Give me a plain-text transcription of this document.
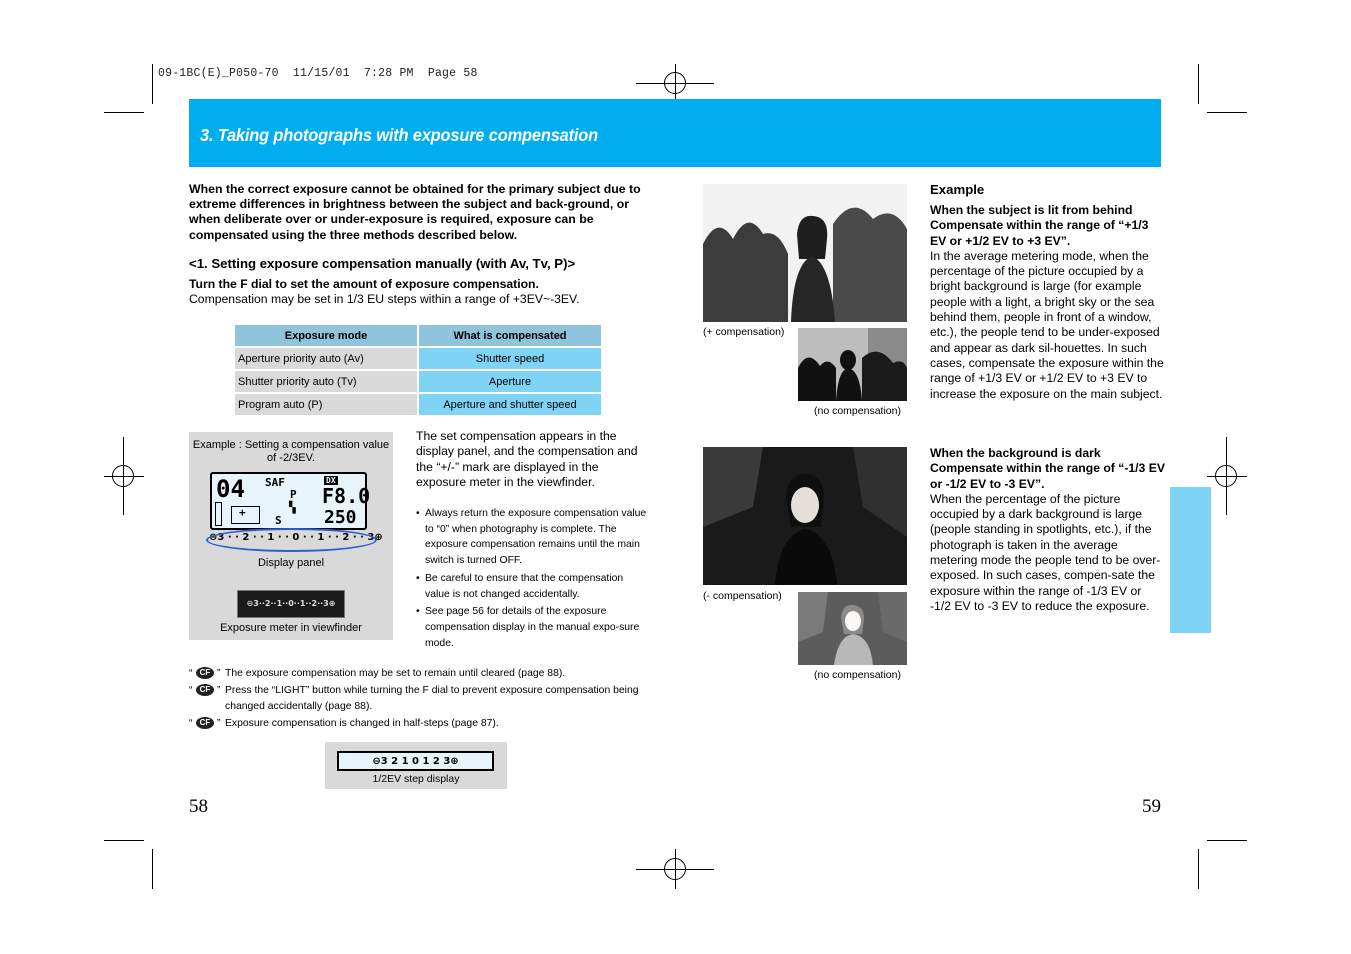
09-1BC(E)_P050-70  11/15/01  7:28 PM  Page 58
3. Taking photographs with exposure compensation
When the correct exposure cannot be obtained for the primary subject due to extreme differences in brightness between the subject and back-ground, or when deliberate over or under-exposure is required, exposure can be compensated using the three methods described below.
<1. Setting exposure compensation manually (with Av, Tv, P)>
Turn the F dial to set the amount of exposure compensation.
Compensation may be set in 1/3 EU steps within a range of +3EV~-3EV.
Exposure mode	What is compensated
Aperture priority auto (Av)	Shutter speed
Shutter priority auto (Tv)	Aperture
Program auto (P)	Aperture and shutter speed
Example : Setting a compensation value of -2/3EV.
04 SAF
P
S
DX
F8.0
250
+	▚
⊖3 · · 2 · · 1 · · 0 · · 1 · · 2 · · 3⊕
Display panel
⊖3··2··1··0··1··2··3⊕
Exposure meter in viewfinder
The set compensation appears in the display panel, and the compensation and the “+/-” mark are displayed in the exposure meter in the viewfinder.
• Always return the exposure compensation value to “0” when photography is complete. The exposure compensation remains until the main switch is turned OFF.
• Be careful to ensure that the compensation value is not changed accidentally.
• See page 56 for details of the exposure compensation display in the manual expo-sure mode.
“ CF ” The exposure compensation may be set to remain until cleared (page 88).
“ CF ” Press the “LIGHT” button while turning the F dial to prevent exposure compensation being changed accidentally (page 88).
“ CF ” Exposure compensation is changed in half-steps (page 87).
⊖3 2 1 0 1 2 3⊕
1/2EV step display
58	59
(+ compensation)
(no compensation)
(- compensation)
(no compensation)
Example
When the subject is lit from behind Compensate within the range of “+1/3 EV or +1/2 EV to +3 EV”.
In the average metering mode, when the percentage of the picture occupied by a bright background is large (for example people with a light, a bright sky or the sea behind them, people in front of a window, etc.), the people tend to be under-exposed and appear as dark sil-houettes. In such cases, compensate the exposure within the range of +1/3 EV or +1/2 EV to +3 EV to increase the exposure on the main subject.
When the background is dark Compensate within the range of “-1/3 EV or -1/2 EV to -3 EV”.
When the percentage of the picture occupied by a dark background is large (people standing in spotlights, etc.), if the photograph is taken in the average metering mode the people tend to be over-exposed. In such cases, compen-sate the exposure within the range of -1/3 EV or -1/2 EV to -3 EV to reduce the exposure.
